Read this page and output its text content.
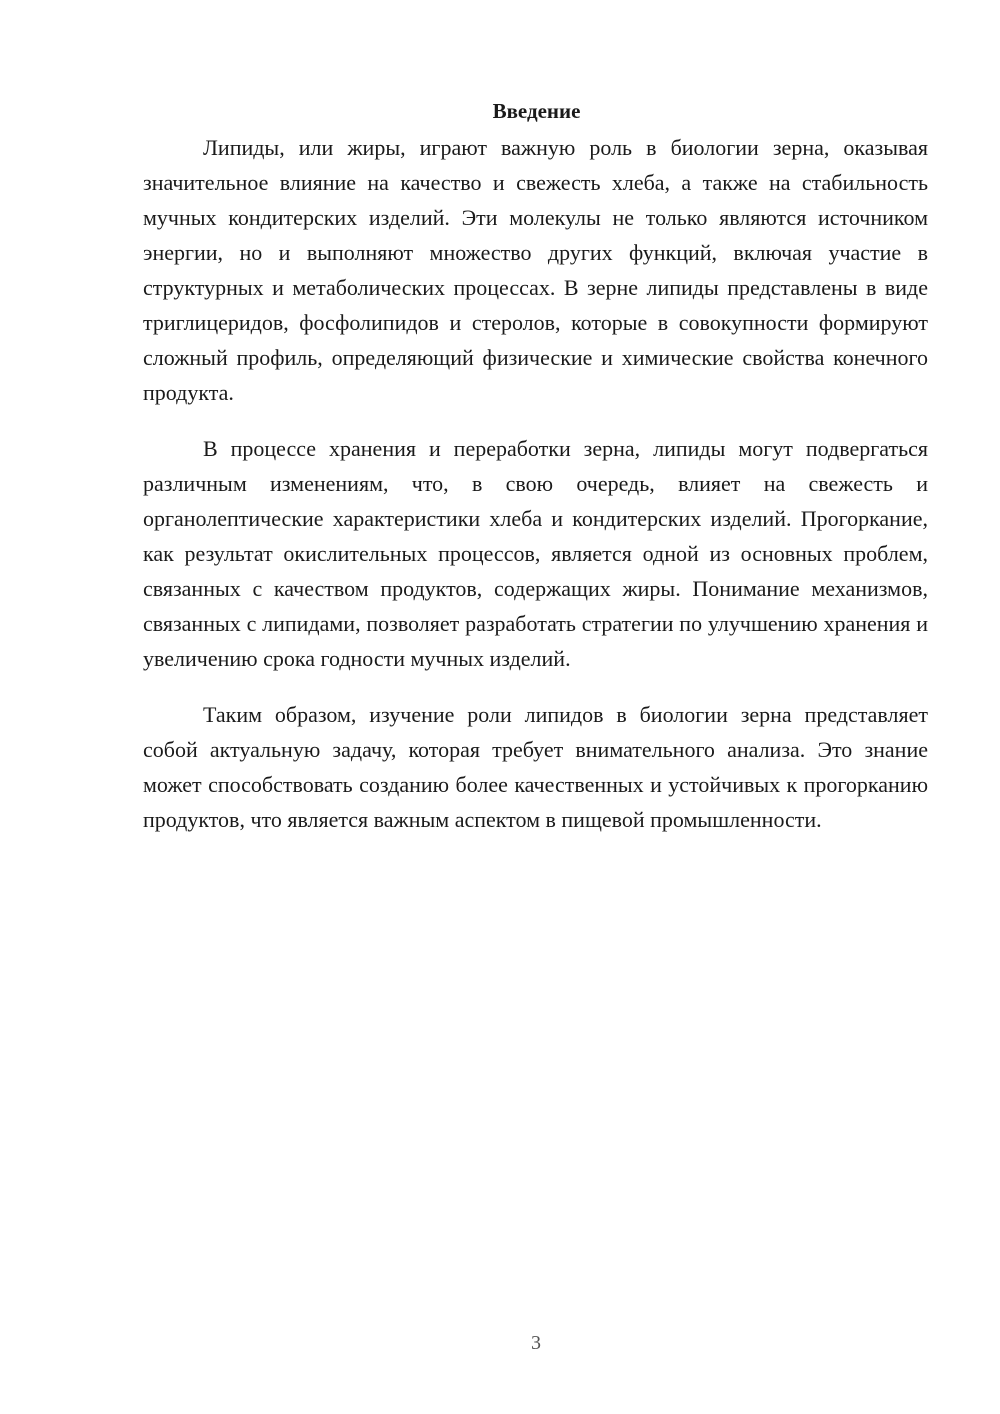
Введение

Липиды, или жиры, играют важную роль в биологии зерна, оказывая значительное влияние на качество и свежесть хлеба, а также на стабильность мучных кондитерских изделий. Эти молекулы не только являются источником энергии, но и выполняют множество других функций, включая участие в структурных и метаболических процессах. В зерне липиды представлены в виде триглицеридов, фосфолипидов и стеролов, которые в совокупности формируют сложный профиль, определяющий физические и химические свойства конечного продукта.

В процессе хранения и переработки зерна, липиды могут подвергаться различным изменениям, что, в свою очередь, влияет на свежесть и органолептические характеристики хлеба и кондитерских изделий. Прогоркание, как результат окислительных процессов, является одной из основных проблем, связанных с качеством продуктов, содержащих жиры. Понимание механизмов, связанных с липидами, позволяет разработать стратегии по улучшению хранения и увеличению срока годности мучных изделий.

Таким образом, изучение роли липидов в биологии зерна представляет собой актуальную задачу, которая требует внимательного анализа. Это знание может способствовать созданию более качественных и устойчивых к прогорканию продуктов, что является важным аспектом в пищевой промышленности.

3
